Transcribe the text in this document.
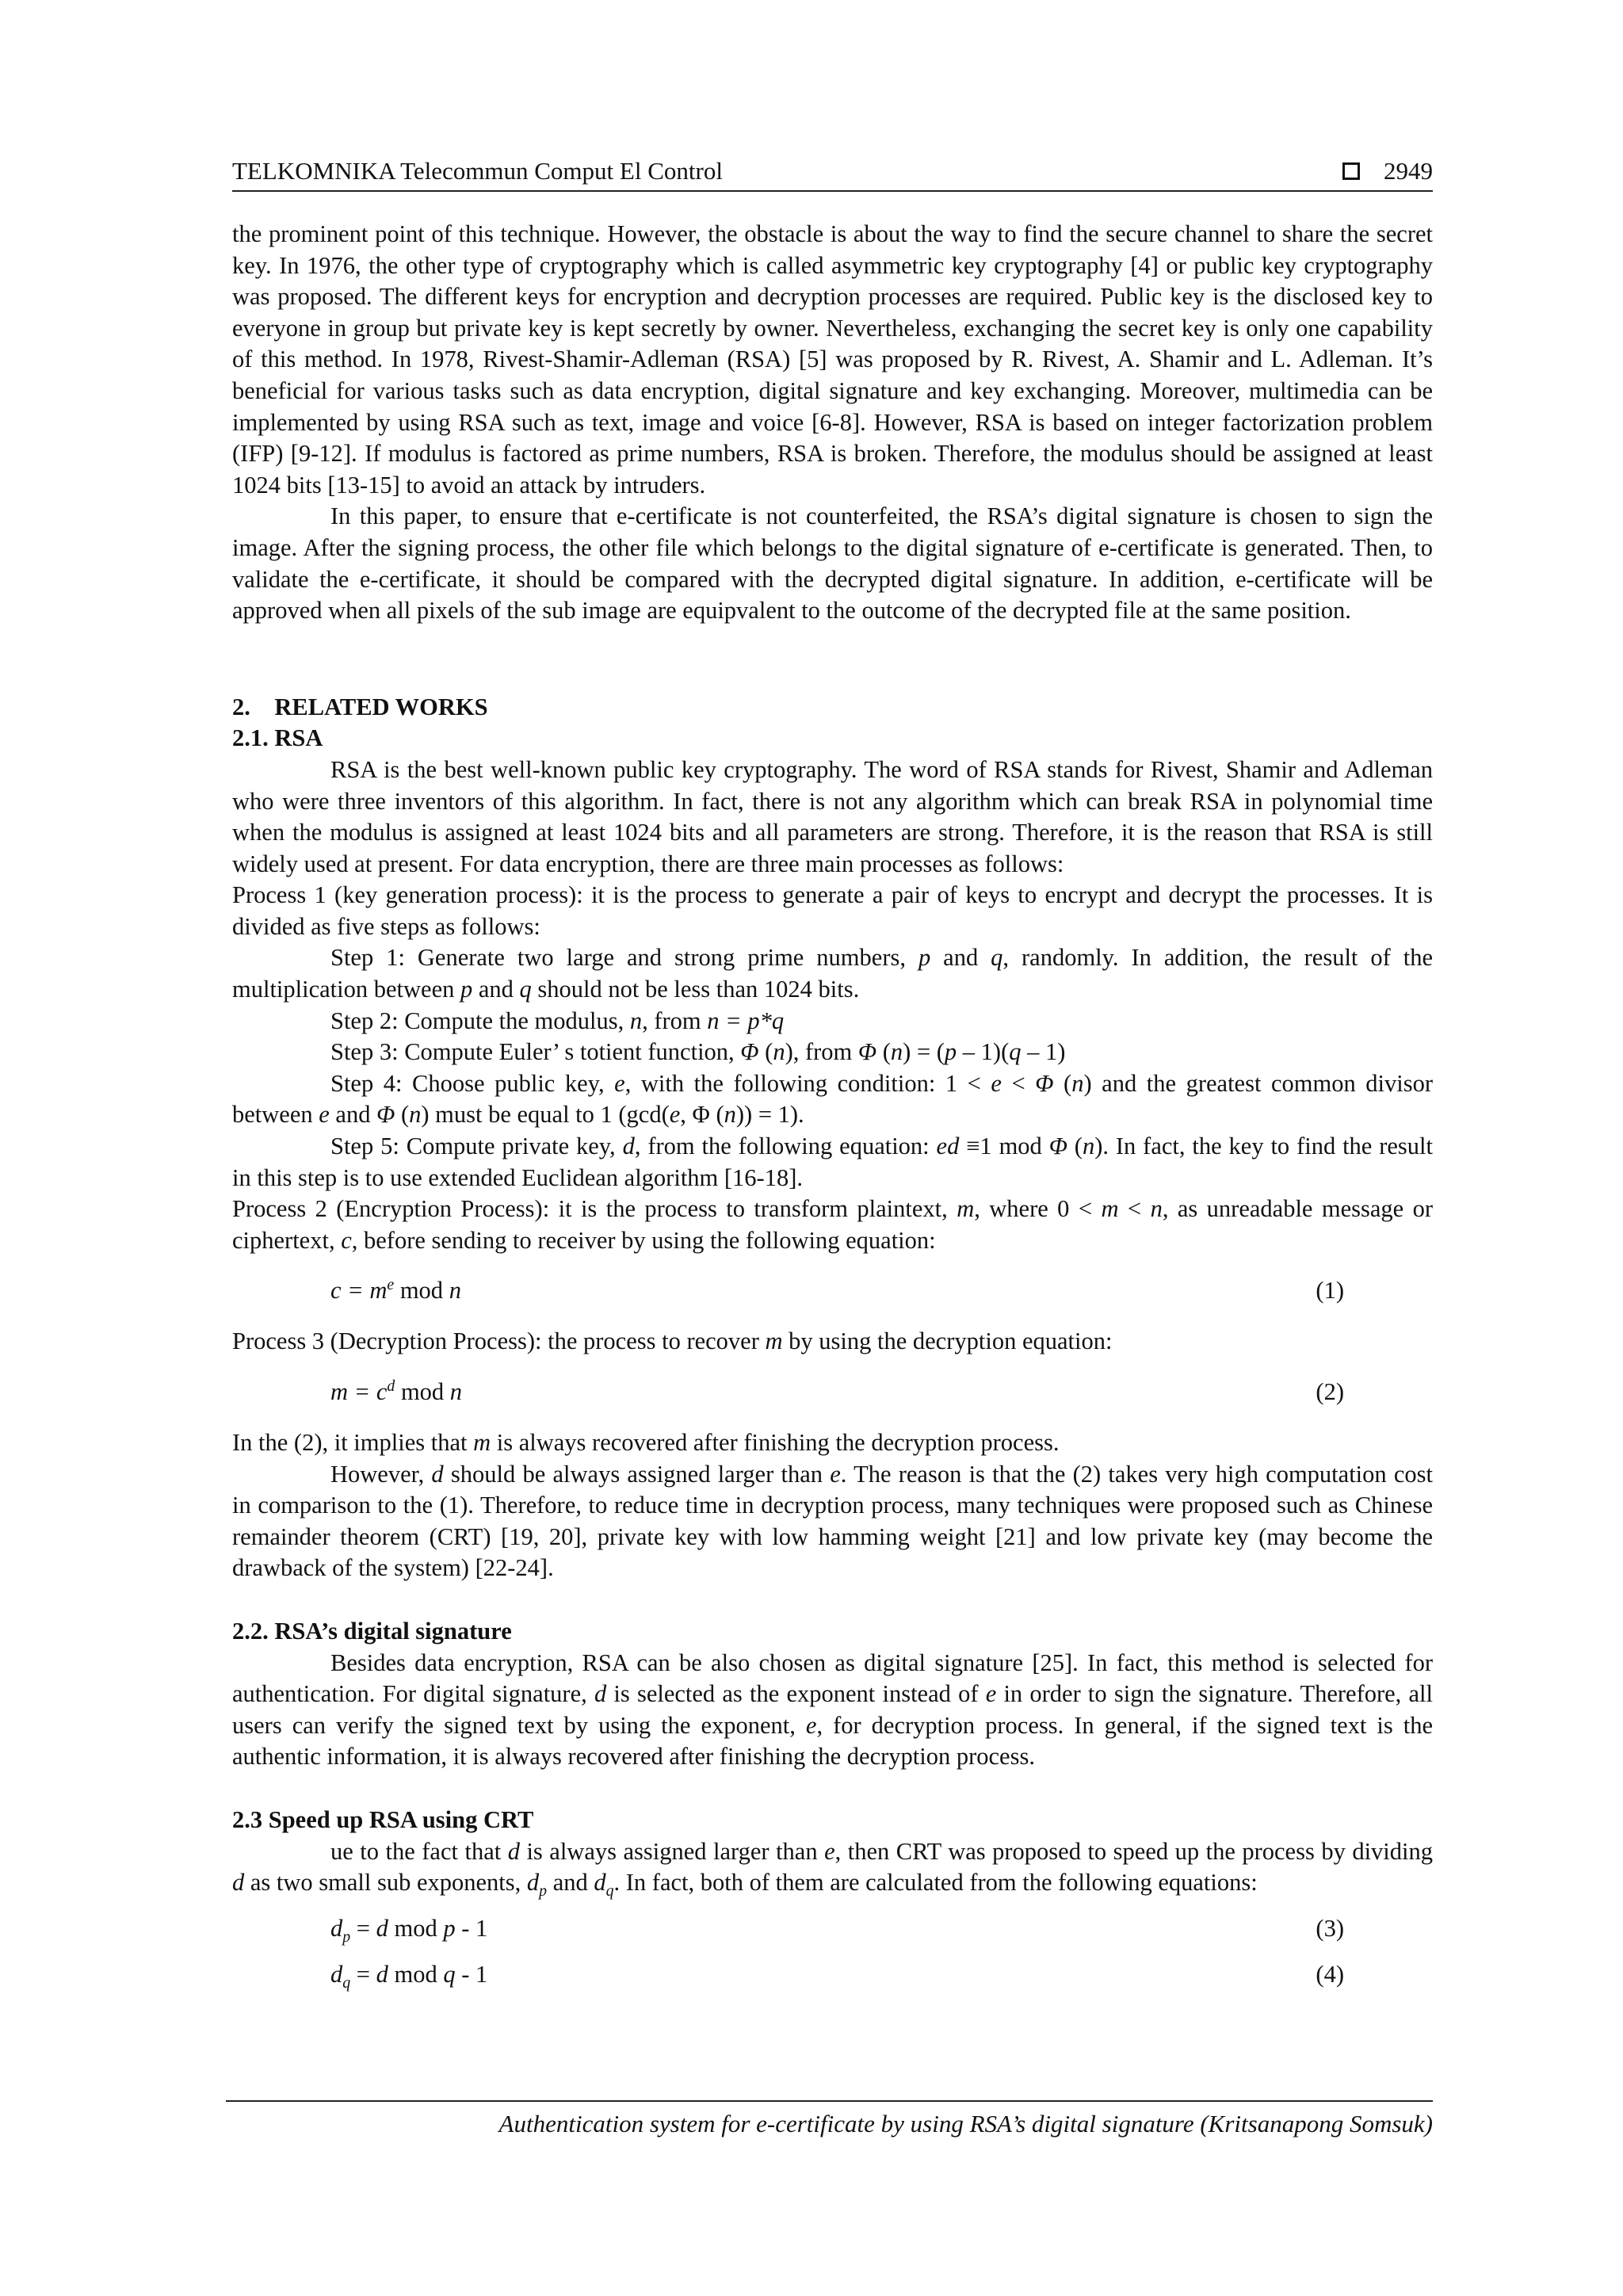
TELKOMNIKA Telecommun Comput El Control	2949

the prominent point of this technique. However, the obstacle is about the way to find the secure channel to share the secret key. In 1976, the other type of cryptography which is called asymmetric key cryptography [4] or public key cryptography was proposed. The different keys for encryption and decryption processes are required. Public key is the disclosed key to everyone in group but private key is kept secretly by owner. Nevertheless, exchanging the secret key is only one capability of this method. In 1978, Rivest-Shamir-Adleman (RSA) [5] was proposed by R. Rivest, A. Shamir and L. Adleman. It’s beneficial for various tasks such as data encryption, digital signature and key exchanging. Moreover, multimedia can be implemented by using RSA such as text, image and voice [6-8]. However, RSA is based on integer factorization problem (IFP) [9-12]. If modulus is factored as prime numbers, RSA is broken. Therefore, the modulus should be assigned at least 1024 bits [13-15] to avoid an attack by intruders.

In this paper, to ensure that e-certificate is not counterfeited, the RSA’s digital signature is chosen to sign the image. After the signing process, the other file which belongs to the digital signature of e-certificate is generated. Then, to validate the e-certificate, it should be compared with the decrypted digital signature. In addition, e-certificate will be approved when all pixels of the sub image are equipvalent to the outcome of the decrypted file at the same position.

2. RELATED WORKS

2.1. RSA

RSA is the best well-known public key cryptography. The word of RSA stands for Rivest, Shamir and Adleman who were three inventors of this algorithm. In fact, there is not any algorithm which can break RSA in polynomial time when the modulus is assigned at least 1024 bits and all parameters are strong. Therefore, it is the reason that RSA is still widely used at present. For data encryption, there are three main processes as follows:

Process 1 (key generation process): it is the process to generate a pair of keys to encrypt and decrypt the processes. It is divided as five steps as follows:

Step 1: Generate two large and strong prime numbers, p and q, randomly. In addition, the result of the multiplication between p and q should not be less than 1024 bits.

Step 2: Compute the modulus, n, from n = p*q

Step 3: Compute Euler’ s totient function, Φ (n), from Φ (n) = (p – 1)(q – 1)

Step 4: Choose public key, e, with the following condition: 1 < e < Φ (n) and the greatest common divisor between e and Φ (n) must be equal to 1 (gcd(e, Φ (n)) = 1).

Step 5: Compute private key, d, from the following equation: ed ≡1 mod Φ (n). In fact, the key to find the result in this step is to use extended Euclidean algorithm [16-18].

Process 2 (Encryption Process): it is the process to transform plaintext, m, where 0 < m < n, as unreadable message or ciphertext, c, before sending to receiver by using the following equation:

$c = m^e$ mod n	(1)

Process 3 (Decryption Process): the process to recover m by using the decryption equation:

$m = c^d$ mod n	(2)

In the (2), it implies that m is always recovered after finishing the decryption process.

However, d should be always assigned larger than e. The reason is that the (2) takes very high computation cost in comparison to the (1). Therefore, to reduce time in decryption process, many techniques were proposed such as Chinese remainder theorem (CRT) [19, 20], private key with low hamming weight [21] and low private key (may become the drawback of the system) [22-24].

2.2. RSA’s digital signature

Besides data encryption, RSA can be also chosen as digital signature [25]. In fact, this method is selected for authentication. For digital signature, d is selected as the exponent instead of e in order to sign the signature. Therefore, all users can verify the signed text by using the exponent, e, for decryption process. In general, if the signed text is the authentic information, it is always recovered after finishing the decryption process.

2.3 Speed up RSA using CRT

ue to the fact that d is always assigned larger than e, then CRT was proposed to speed up the process by dividing d as two small sub exponents, $d_p$ and $d_q$. In fact, both of them are calculated from the following equations:

$d_p = d$ mod p - 1	(3)
$d_q = d$ mod q - 1	(4)
Authentication system for e-certificate by using RSA’s digital signature (Kritsanapong Somsuk)
